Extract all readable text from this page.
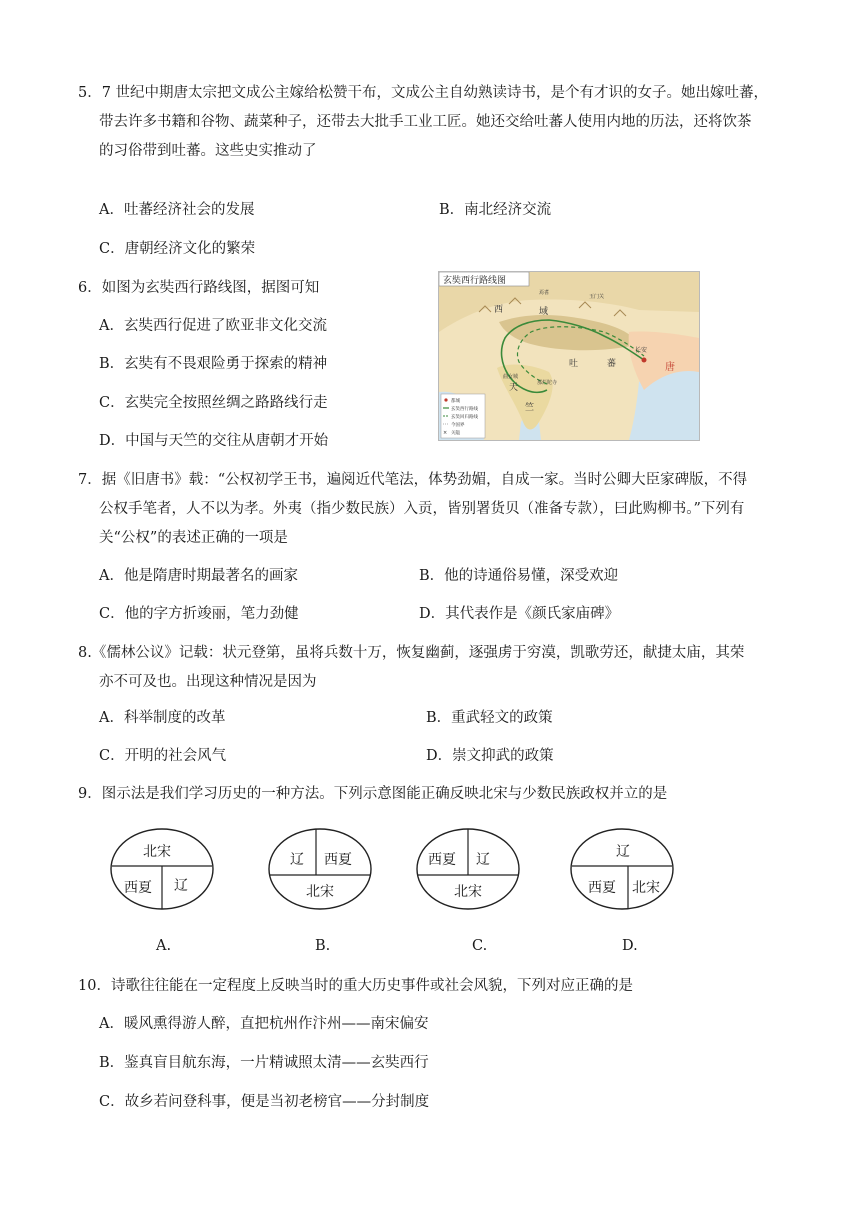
5．7 世纪中期唐太宗把文成公主嫁给松赞干布，文成公主自幼熟读诗书，是个有才识的女子。她出嫁吐蕃，
带去许多书籍和谷物、蔬菜种子，还带去大批手工业工匠。她还交给吐蕃人使用内地的历法，还将饮茶
的习俗带到吐蕃。这些史实推动了
A．吐蕃经济社会的发展	B．南北经济交流
C．唐朝经济文化的繁荣
6．如图为玄奘西行路线图，据图可知
A．玄奘西行促进了欧亚非文化交流
B．玄奘有不畏艰险勇于探索的精神
C．玄奘完全按照丝绸之路路线行走
D．中国与天竺的交往从唐朝才开始
玄奘西行路线图
西	域
吐	蕃	唐
天
竺
长安
玉门关
焉耆
那烂陀寺
曲女城
都城
玄奘西行路线
玄奘回归路线
今国界
× 关隘
7．据《旧唐书》载：“公权初学王书，遍阅近代笔法，体势劲媚，自成一家。当时公卿大臣家碑版，不得
公权手笔者，人不以为孝。外夷（指少数民族）入贡，皆别署货贝（准备专款），曰此购柳书。”下列有
关“公权”的表述正确的一项是
A．他是隋唐时期最著名的画家	B．他的诗通俗易懂，深受欢迎
C．他的字方折竣丽，笔力劲健	D．其代表作是《颜氏家庙碑》
8.《儒林公议》记载：状元登第，虽将兵数十万，恢复幽蓟，逐强虏于穷漠，凯歌劳还，献捷太庙，其荣
亦不可及也。出现这种情况是因为
A．科举制度的改革	B．重武轻文的政策
C．开明的社会风气	D．崇文抑武的政策
9．图示法是我们学习历史的一种方法。下列示意图能正确反映北宋与少数民族政权并立的是
北宋
西夏 辽
A.
辽 西夏
北宋
B.
西夏 辽
北宋
C.
辽
西夏 北宋
D.
10．诗歌往往能在一定程度上反映当时的重大历史事件或社会风貌，下列对应正确的是
A．暖风熏得游人醉，直把杭州作汴州——南宋偏安
B．鉴真盲目航东海，一片精诚照太清——玄奘西行
C．故乡若问登科事，便是当初老榜官——分封制度
